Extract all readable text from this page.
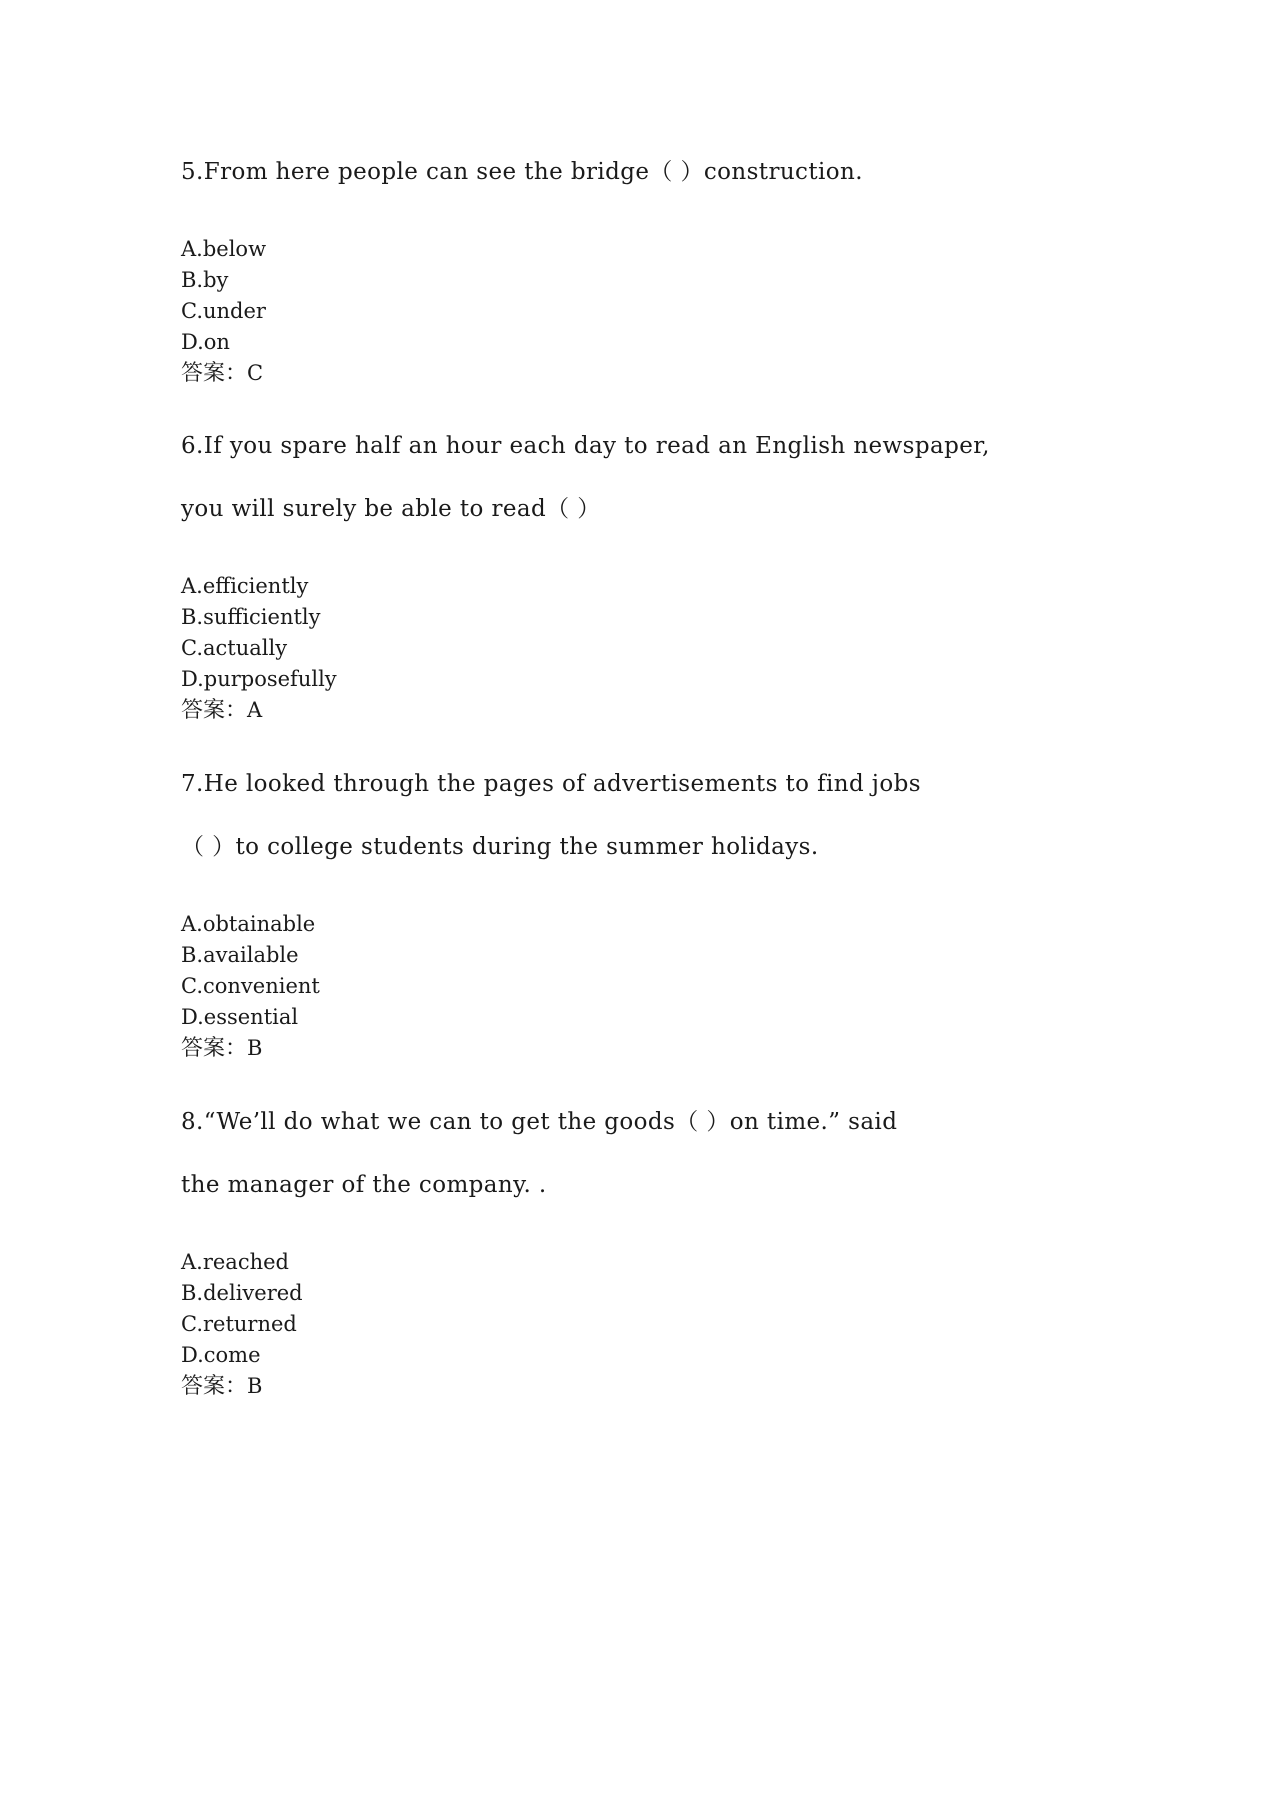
5.From here people can see the bridge（ ）construction.
A.below
B.by
C.under
D.on
答案：C
6.If you spare half an hour each day to read an English newspaper,
you will surely be able to read（ ）
A.efficiently
B.sufficiently
C.actually
D.purposefully
答案：A
7.He looked through the pages of advertisements to find jobs
（ ）to college students during the summer holidays.
A.obtainable
B.available
C.convenient
D.essential
答案：B
8.“We’ll do what we can to get the goods（ ）on time.” said
the manager of the company. .
A.reached
B.delivered
C.returned
D.come
答案：B
